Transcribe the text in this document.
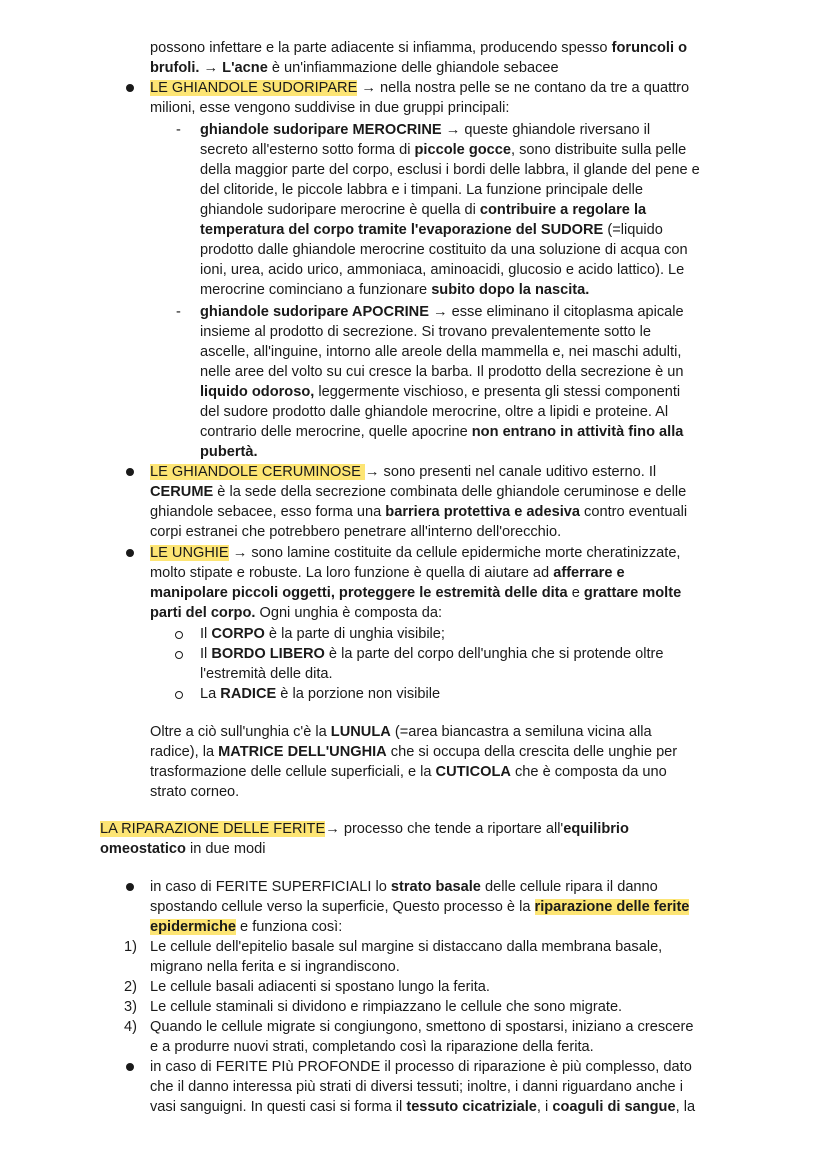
possono infettare e la parte adiacente si infiamma, producendo spesso foruncoli o
brufoli. → L'acne è un'infiammazione delle ghiandole sebacee
LE GHIANDOLE SUDORIPARE → nella nostra pelle se ne contano da tre a quattro
milioni, esse vengono suddivise in due gruppi principali:
- ghiandole sudoripare MEROCRINE → queste ghiandole riversano il
secreto all'esterno sotto forma di piccole gocce, sono distribuite sulla pelle
della maggior parte del corpo, esclusi i bordi delle labbra, il glande del pene e
del clitoride, le piccole labbra e i timpani. La funzione principale delle
ghiandole sudoripare merocrine è quella di contribuire a regolare la
temperatura del corpo tramite l'evaporazione del SUDORE (=liquido
prodotto dalle ghiandole merocrine costituito da una soluzione di acqua con
ioni, urea, acido urico, ammoniaca, aminoacidi, glucosio e acido lattico). Le
merocrine cominciano a funzionare subito dopo la nascita.
- ghiandole sudoripare APOCRINE → esse eliminano il citoplasma apicale
insieme al prodotto di secrezione. Si trovano prevalentemente sotto le
ascelle, all'inguine, intorno alle areole della mammella e, nei maschi adulti,
nelle aree del volto su cui cresce la barba. Il prodotto della secrezione è un
liquido odoroso, leggermente vischioso, e presenta gli stessi componenti
del sudore prodotto dalle ghiandole merocrine, oltre a lipidi e proteine. Al
contrario delle merocrine, quelle apocrine non entrano in attività fino alla
pubertà.
LE GHIANDOLE CERUMINOSE → sono presenti nel canale uditivo esterno. Il
CERUME è la sede della secrezione combinata delle ghiandole ceruminose e delle
ghiandole sebacee, esso forma una barriera protettiva e adesiva contro eventuali
corpi estranei che potrebbero penetrare all'interno dell'orecchio.
LE UNGHIE → sono lamine costituite da cellule epidermiche morte cheratinizzate,
molto stipate e robuste. La loro funzione è quella di aiutare ad afferrare e
manipolare piccoli oggetti, proteggere le estremità delle dita e grattare molte
parti del corpo. Ogni unghia è composta da:
Il CORPO è la parte di unghia visibile;
Il BORDO LIBERO è la parte del corpo dell'unghia che si protende oltre
l'estremità delle dita.
La RADICE è la porzione non visibile
Oltre a ciò sull'unghia c'è la LUNULA (=area biancastra a semiluna vicina alla
radice), la MATRICE DELL'UNGHIA che si occupa della crescita delle unghie per
trasformazione delle cellule superficiali, e la CUTICOLA che è composta da uno
strato corneo.
LA RIPARAZIONE DELLE FERITE→ processo che tende a riportare all'equilibrio
omeostatico in due modi
in caso di FERITE SUPERFICIALI lo strato basale delle cellule ripara il danno
spostando cellule verso la superficie, Questo processo è la riparazione delle ferite
epidermiche e funziona così:
1) Le cellule dell'epitelio basale sul margine si distaccano dalla membrana basale,
migrano nella ferita e si ingrandiscono.
2) Le cellule basali adiacenti si spostano lungo la ferita.
3) Le cellule staminali si dividono e rimpiazzano le cellule che sono migrate.
4) Quando le cellule migrate si congiungono, smettono di spostarsi, iniziano a crescere
e a produrre nuovi strati, completando così la riparazione della ferita.
in caso di FERITE PIù PROFONDE il processo di riparazione è più complesso, dato
che il danno interessa più strati di diversi tessuti; inoltre, i danni riguardano anche i
vasi sanguigni. In questi casi si forma il tessuto cicatriziale, i coaguli di sangue, la
